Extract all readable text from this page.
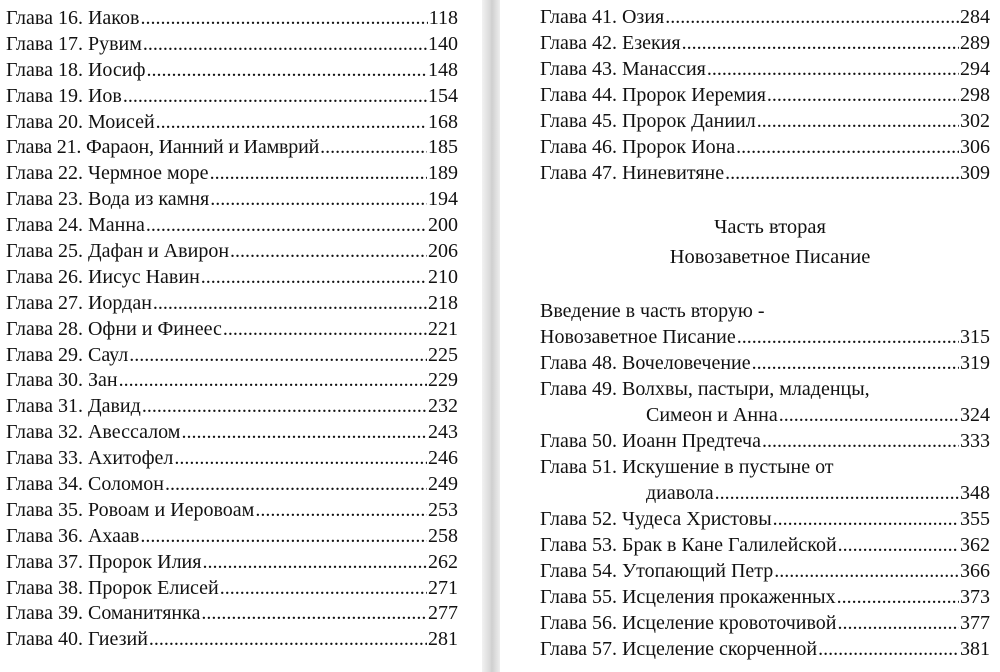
Глава 16. Иаков .....	118
Глава 17. Рувим .....	140
Глава 18. Иосиф .....	148
Глава 19. Иов .....	154
Глава 20. Моисей .....	168
Глава 21. Фараон, Ианний и Иамврий .....	185
Глава 22. Чермное море .....	189
Глава 23. Вода из камня .....	194
Глава 24. Манна .....	200
Глава 25. Дафан и Авирон .....	206
Глава 26. Иисус Навин .....	210
Глава 27. Иордан .....	218
Глава 28. Офни и Финеес .....	221
Глава 29. Саул .....	225
Глава 30. Зан .....	229
Глава 31. Давид .....	232
Глава 32. Авессалом .....	243
Глава 33. Ахитофел .....	246
Глава 34. Соломон .....	249
Глава 35. Ровоам и Иеровоам .....	253
Глава 36. Ахаав .....	258
Глава 37. Пророк Илия .....	262
Глава 38. Пророк Елисей .....	271
Глава 39. Соманитянка .....	277
Глава 40. Гиезий .....	281
Глава 41. Озия .....	284
Глава 42. Езекия .....	289
Глава 43. Манассия .....	294
Глава 44. Пророк Иеремия .....	298
Глава 45. Пророк Даниил .....	302
Глава 46. Пророк Иона .....	306
Глава 47. Ниневитяне .....	309
Часть вторая
Новозаветное Писание
Введение в часть вторую -
Новозаветное Писание .....	315
Глава 48. Вочеловечение .....	319
Глава 49. Волхвы, пастыри, младенцы,
Симеон и Анна .....	324
Глава 50. Иоанн Предтеча .....	333
Глава 51. Искушение в пустыне от
диавола .....	348
Глава 52. Чудеса Христовы .....	355
Глава 53. Брак в Кане Галилейской .....	362
Глава 54. Утопающий Петр .....	366
Глава 55. Исцеления прокаженных .....	373
Глава 56. Исцеление кровоточивой .....	377
Глава 57. Исцеление скорченной .....	381
